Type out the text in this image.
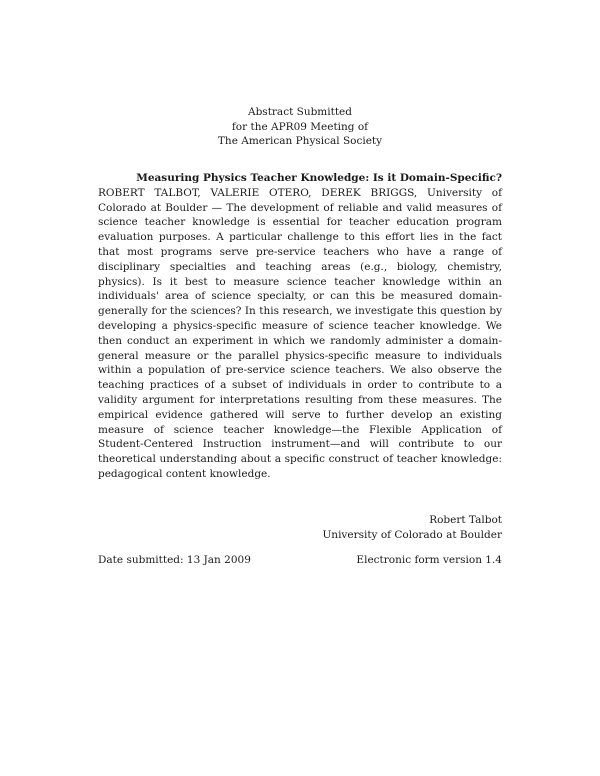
Abstract Submitted
for the APR09 Meeting of
The American Physical Society
Measuring Physics Teacher Knowledge: Is it Domain-Specific?
ROBERT TALBOT, VALERIE OTERO, DEREK BRIGGS, University of Colorado at Boulder — The development of reliable and valid measures of science teacher knowledge is essential for teacher education program evaluation purposes. A particular challenge to this effort lies in the fact that most programs serve pre-service teachers who have a range of disciplinary specialties and teaching areas (e.g., biology, chemistry, physics). Is it best to measure science teacher knowledge within an individuals' area of science specialty, or can this be measured domain-generally for the sciences? In this research, we investigate this question by developing a physics-specific measure of science teacher knowledge. We then conduct an experiment in which we randomly administer a domain-general measure or the parallel physics-specific measure to individuals within a population of pre-service science teachers. We also observe the teaching practices of a subset of individuals in order to contribute to a validity argument for interpretations resulting from these measures. The empirical evidence gathered will serve to further develop an existing measure of science teacher knowledge—the Flexible Application of Student-Centered Instruction instrument—and will contribute to our theoretical understanding about a specific construct of teacher knowledge: pedagogical content knowledge.
Robert Talbot
University of Colorado at Boulder
Date submitted: 13 Jan 2009	Electronic form version 1.4
